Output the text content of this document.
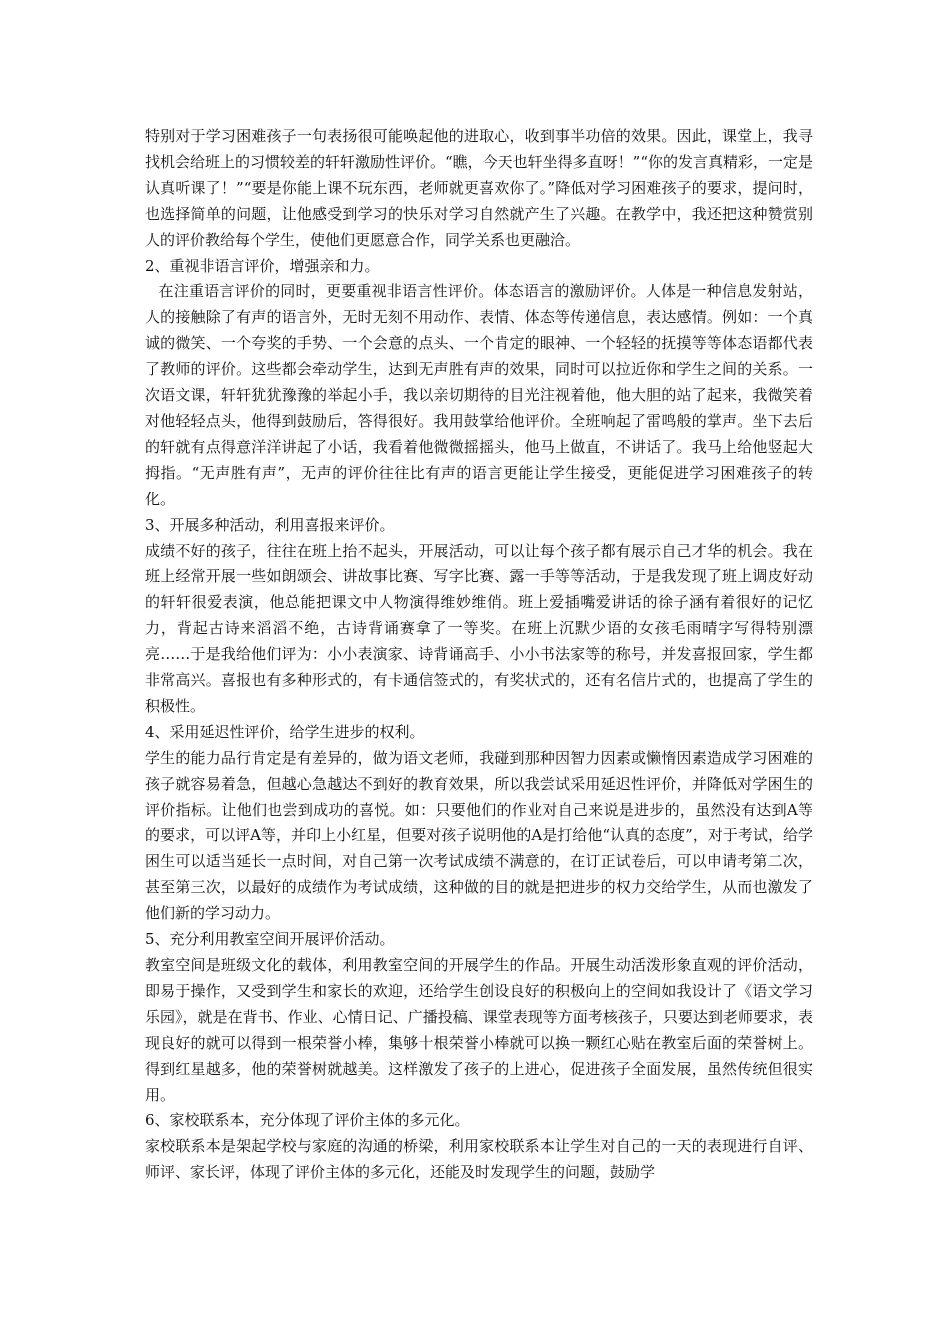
特别对于学习困难孩子一句表扬很可能唤起他的进取心，收到事半功倍的效果。因此，课堂上，我寻找机会给班上的习惯较差的轩轩激励性评价。“瞧，今天也轩坐得多直呀！”“你的发言真精彩，一定是认真听课了！”“要是你能上课不玩东西，老师就更喜欢你了。”降低对学习困难孩子的要求，提问时，也选择简单的问题，让他感受到学习的快乐对学习自然就产生了兴趣。在教学中，我还把这种赞赏别人的评价教给每个学生，使他们更愿意合作，同学关系也更融洽。

2、重视非语言评价，增强亲和力。

在注重语言评价的同时，更要重视非语言性评价。体态语言的激励评价。人体是一种信息发射站，人的接触除了有声的语言外，无时无刻不用动作、表情、体态等传递信息，表达感情。例如：一个真诚的微笑、一个夸奖的手势、一个会意的点头、一个肯定的眼神、一个轻轻的抚摸等等体态语都代表了教师的评价。这些都会牵动学生，达到无声胜有声的效果，同时可以拉近你和学生之间的关系。一次语文课，轩轩犹犹豫豫的举起小手，我以亲切期待的目光注视着他，他大胆的站了起来，我微笑着对他轻轻点头，他得到鼓励后，答得很好。我用鼓掌给他评价。全班响起了雷鸣般的掌声。坐下去后的轩就有点得意洋洋讲起了小话，我看着他微微摇摇头，他马上做直，不讲话了。我马上给他竖起大拇指。“无声胜有声”，无声的评价往往比有声的语言更能让学生接受，更能促进学习困难孩子的转化。

3、开展多种活动，利用喜报来评价。

成绩不好的孩子，往往在班上抬不起头，开展活动，可以让每个孩子都有展示自己才华的机会。我在班上经常开展一些如朗颂会、讲故事比赛、写字比赛、露一手等等活动，于是我发现了班上调皮好动的轩轩很爱表演，他总能把课文中人物演得维妙维俏。班上爱插嘴爱讲话的徐子涵有着很好的记忆力，背起古诗来滔滔不绝，古诗背诵赛拿了一等奖。在班上沉默少语的女孩毛雨晴字写得特别漂亮……于是我给他们评为：小小表演家、诗背诵高手、小小书法家等的称号，并发喜报回家，学生都非常高兴。喜报也有多种形式的，有卡通信签式的，有奖状式的，还有名信片式的，也提高了学生的积极性。

4、采用延迟性评价，给学生进步的权利。

学生的能力品行肯定是有差异的，做为语文老师，我碰到那种因智力因素或懒惰因素造成学习困难的孩子就容易着急，但越心急越达不到好的教育效果，所以我尝试采用延迟性评价，并降低对学困生的评价指标。让他们也尝到成功的喜悦。如：只要他们的作业对自己来说是进步的，虽然没有达到A等的要求，可以评A等，并印上小红星，但要对孩子说明他的A是打给他“认真的态度”，对于考试，给学困生可以适当延长一点时间，对自己第一次考试成绩不满意的，在订正试卷后，可以申请考第二次，甚至第三次，以最好的成绩作为考试成绩，这种做的目的就是把进步的权力交给学生，从而也激发了他们新的学习动力。

5、充分利用教室空间开展评价活动。

教室空间是班级文化的载体，利用教室空间的开展学生的作品。开展生动活泼形象直观的评价活动，即易于操作，又受到学生和家长的欢迎，还给学生创设良好的积极向上的空间如我设计了《语文学习乐园》，就是在背书、作业、心情日记、广播投稿、课堂表现等方面考核孩子，只要达到老师要求，表现良好的就可以得到一根荣誉小棒，集够十根荣誉小棒就可以换一颗红心贴在教室后面的荣誉树上。得到红星越多，他的荣誉树就越美。这样激发了孩子的上进心，促进孩子全面发展，虽然传统但很实用。

6、家校联系本，充分体现了评价主体的多元化。

家校联系本是架起学校与家庭的沟通的桥梁，利用家校联系本让学生对自己的一天的表现进行自评、师评、家长评，体现了评价主体的多元化，还能及时发现学生的问题，鼓励学
